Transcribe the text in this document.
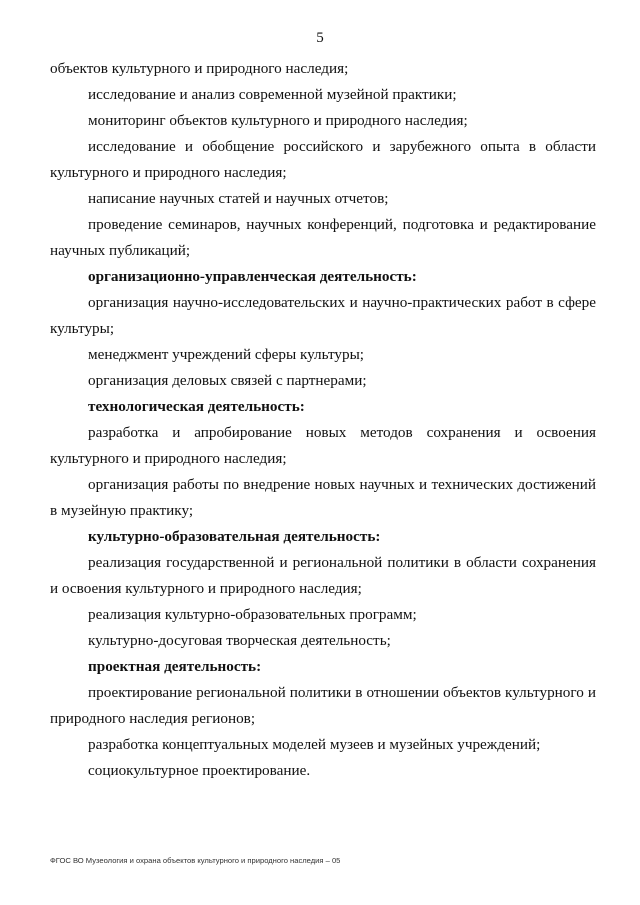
5

объектов культурного и природного наследия;

исследование и анализ современной музейной практики;

мониторинг объектов культурного и природного наследия;

исследование и обобщение российского и зарубежного опыта в области культурного и природного наследия;

написание научных статей и научных отчетов;

проведение семинаров, научных конференций, подготовка и редактирование научных публикаций;

организационно-управленческая деятельность:

организация научно-исследовательских и научно-практических работ в сфере культуры;

менеджмент учреждений сферы культуры;

организация деловых связей с партнерами;

технологическая деятельность:

разработка и апробирование новых методов сохранения и освоения культурного и природного наследия;

организация работы по внедрение новых научных и технических достижений в музейную практику;

культурно-образовательная деятельность:

реализация государственной и региональной политики в области сохранения и освоения культурного и природного наследия;

реализация культурно-образовательных программ;

культурно-досуговая творческая деятельность;

проектная деятельность:

проектирование региональной политики в отношении объектов культурного и природного наследия регионов;

разработка концептуальных моделей музеев и музейных учреждений;

социокультурное проектирование.

ФГОС ВО Музеология и охрана объектов культурного и природного наследия – 05
